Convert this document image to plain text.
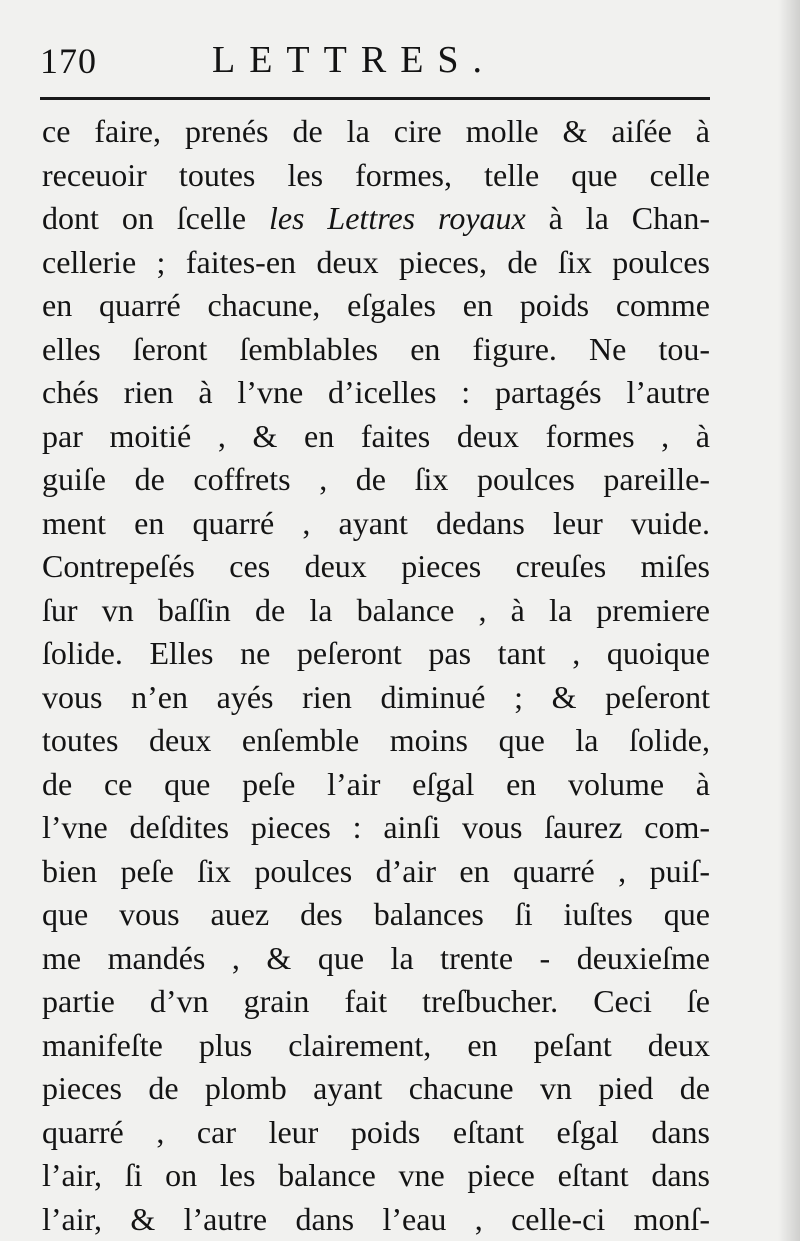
170	LETTRES.
ce faire, prenés de la cire molle & aiſée à
receuoir toutes les formes, telle que celle
dont on ſcelle les Lettres royaux à la Chan-
cellerie ; faites-en deux pieces, de ſix poulces
en quarré chacune, eſgales en poids comme
elles ſeront ſemblables en figure. Ne tou-
chés rien à l’vne d’icelles : partagés l’autre
par moitié , & en faites deux formes , à
guiſe de coffrets , de ſix poulces pareille-
ment en quarré , ayant dedans leur vuide.
Contrepeſés ces deux pieces creuſes miſes
ſur vn baſſin de la balance , à la premiere
ſolide. Elles ne peſeront pas tant , quoique
vous n’en ayés rien diminué ; & peſeront
toutes deux enſemble moins que la ſolide,
de ce que peſe l’air eſgal en volume à
l’vne deſdites pieces : ainſi vous ſaurez com-
bien peſe ſix poulces d’air en quarré , puiſ-
que vous auez des balances ſi iuſtes que
me mandés , & que la trente - deuxieſme
partie d’vn grain fait treſbucher. Ceci ſe
manifeſte plus clairement, en peſant deux
pieces de plomb ayant chacune vn pied de
quarré , car leur poids eſtant eſgal dans
l’air, ſi on les balance vne piece eſtant dans
l’air, & l’autre dans l’eau , celle-ci monſ-
